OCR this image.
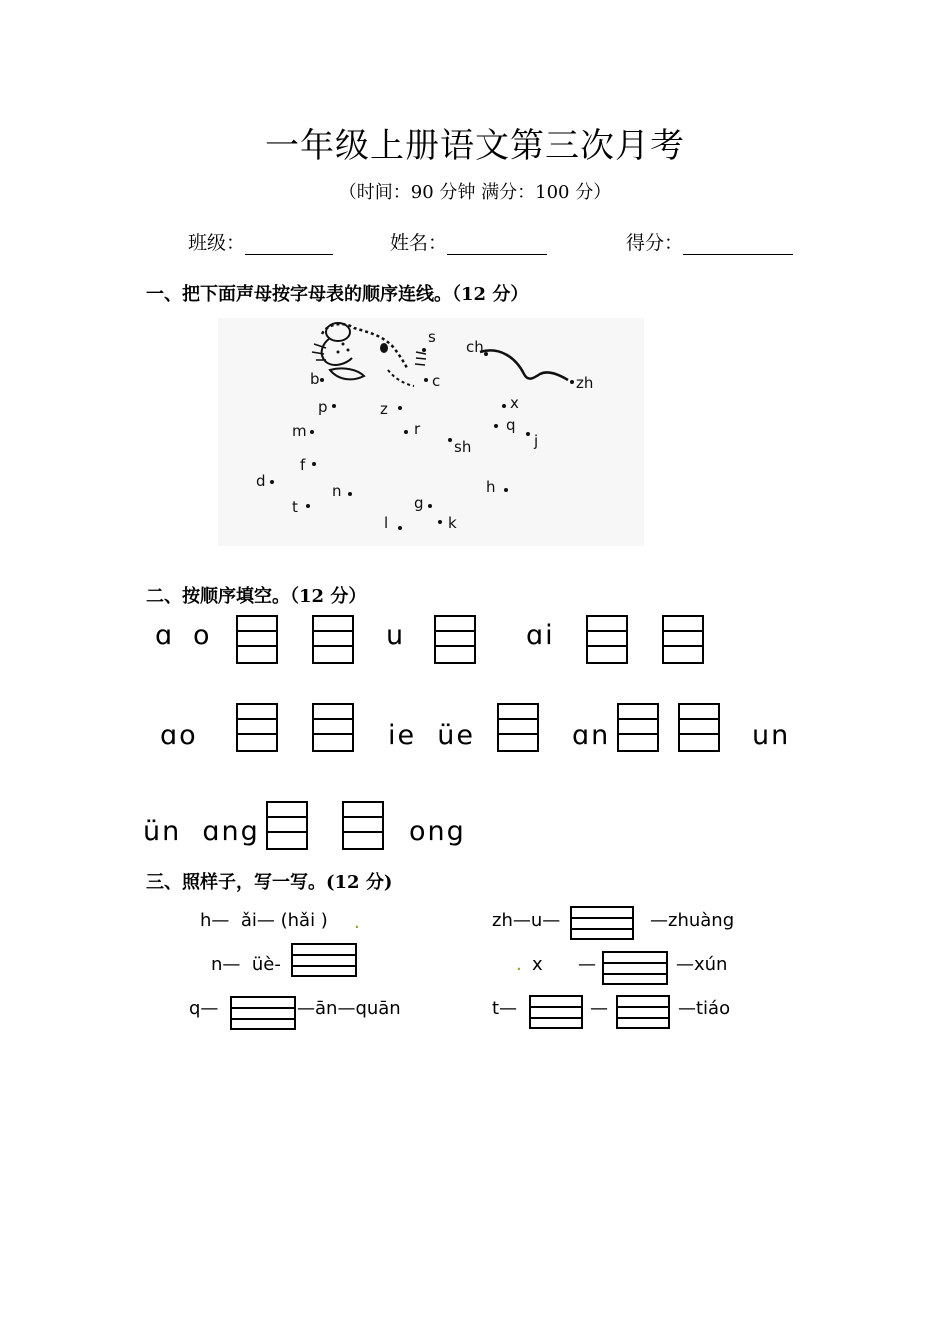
一年级上册语文第三次月考
（时间：90 分钟 满分：100 分）
班级：	姓名：	得分：
一、把下面声母按字母表的顺序连线。（12 分）
s
ch
zh
b	c
p	z	x
m	r	q
j
sh
f
d	h
t
n
g
l	k
二、按顺序填空。（12 分）
ɑ o	u	ɑi
ɑo	ie  üe	ɑn	un
ün  ɑng	ong
三、照样子，写一写。(12 分)
h—  ǎi— (hǎi ) .
n—  üè-
q—	—ān—quān
zh—u—	—zhuàng
. x —	—xún
t—	—	—tiáo
